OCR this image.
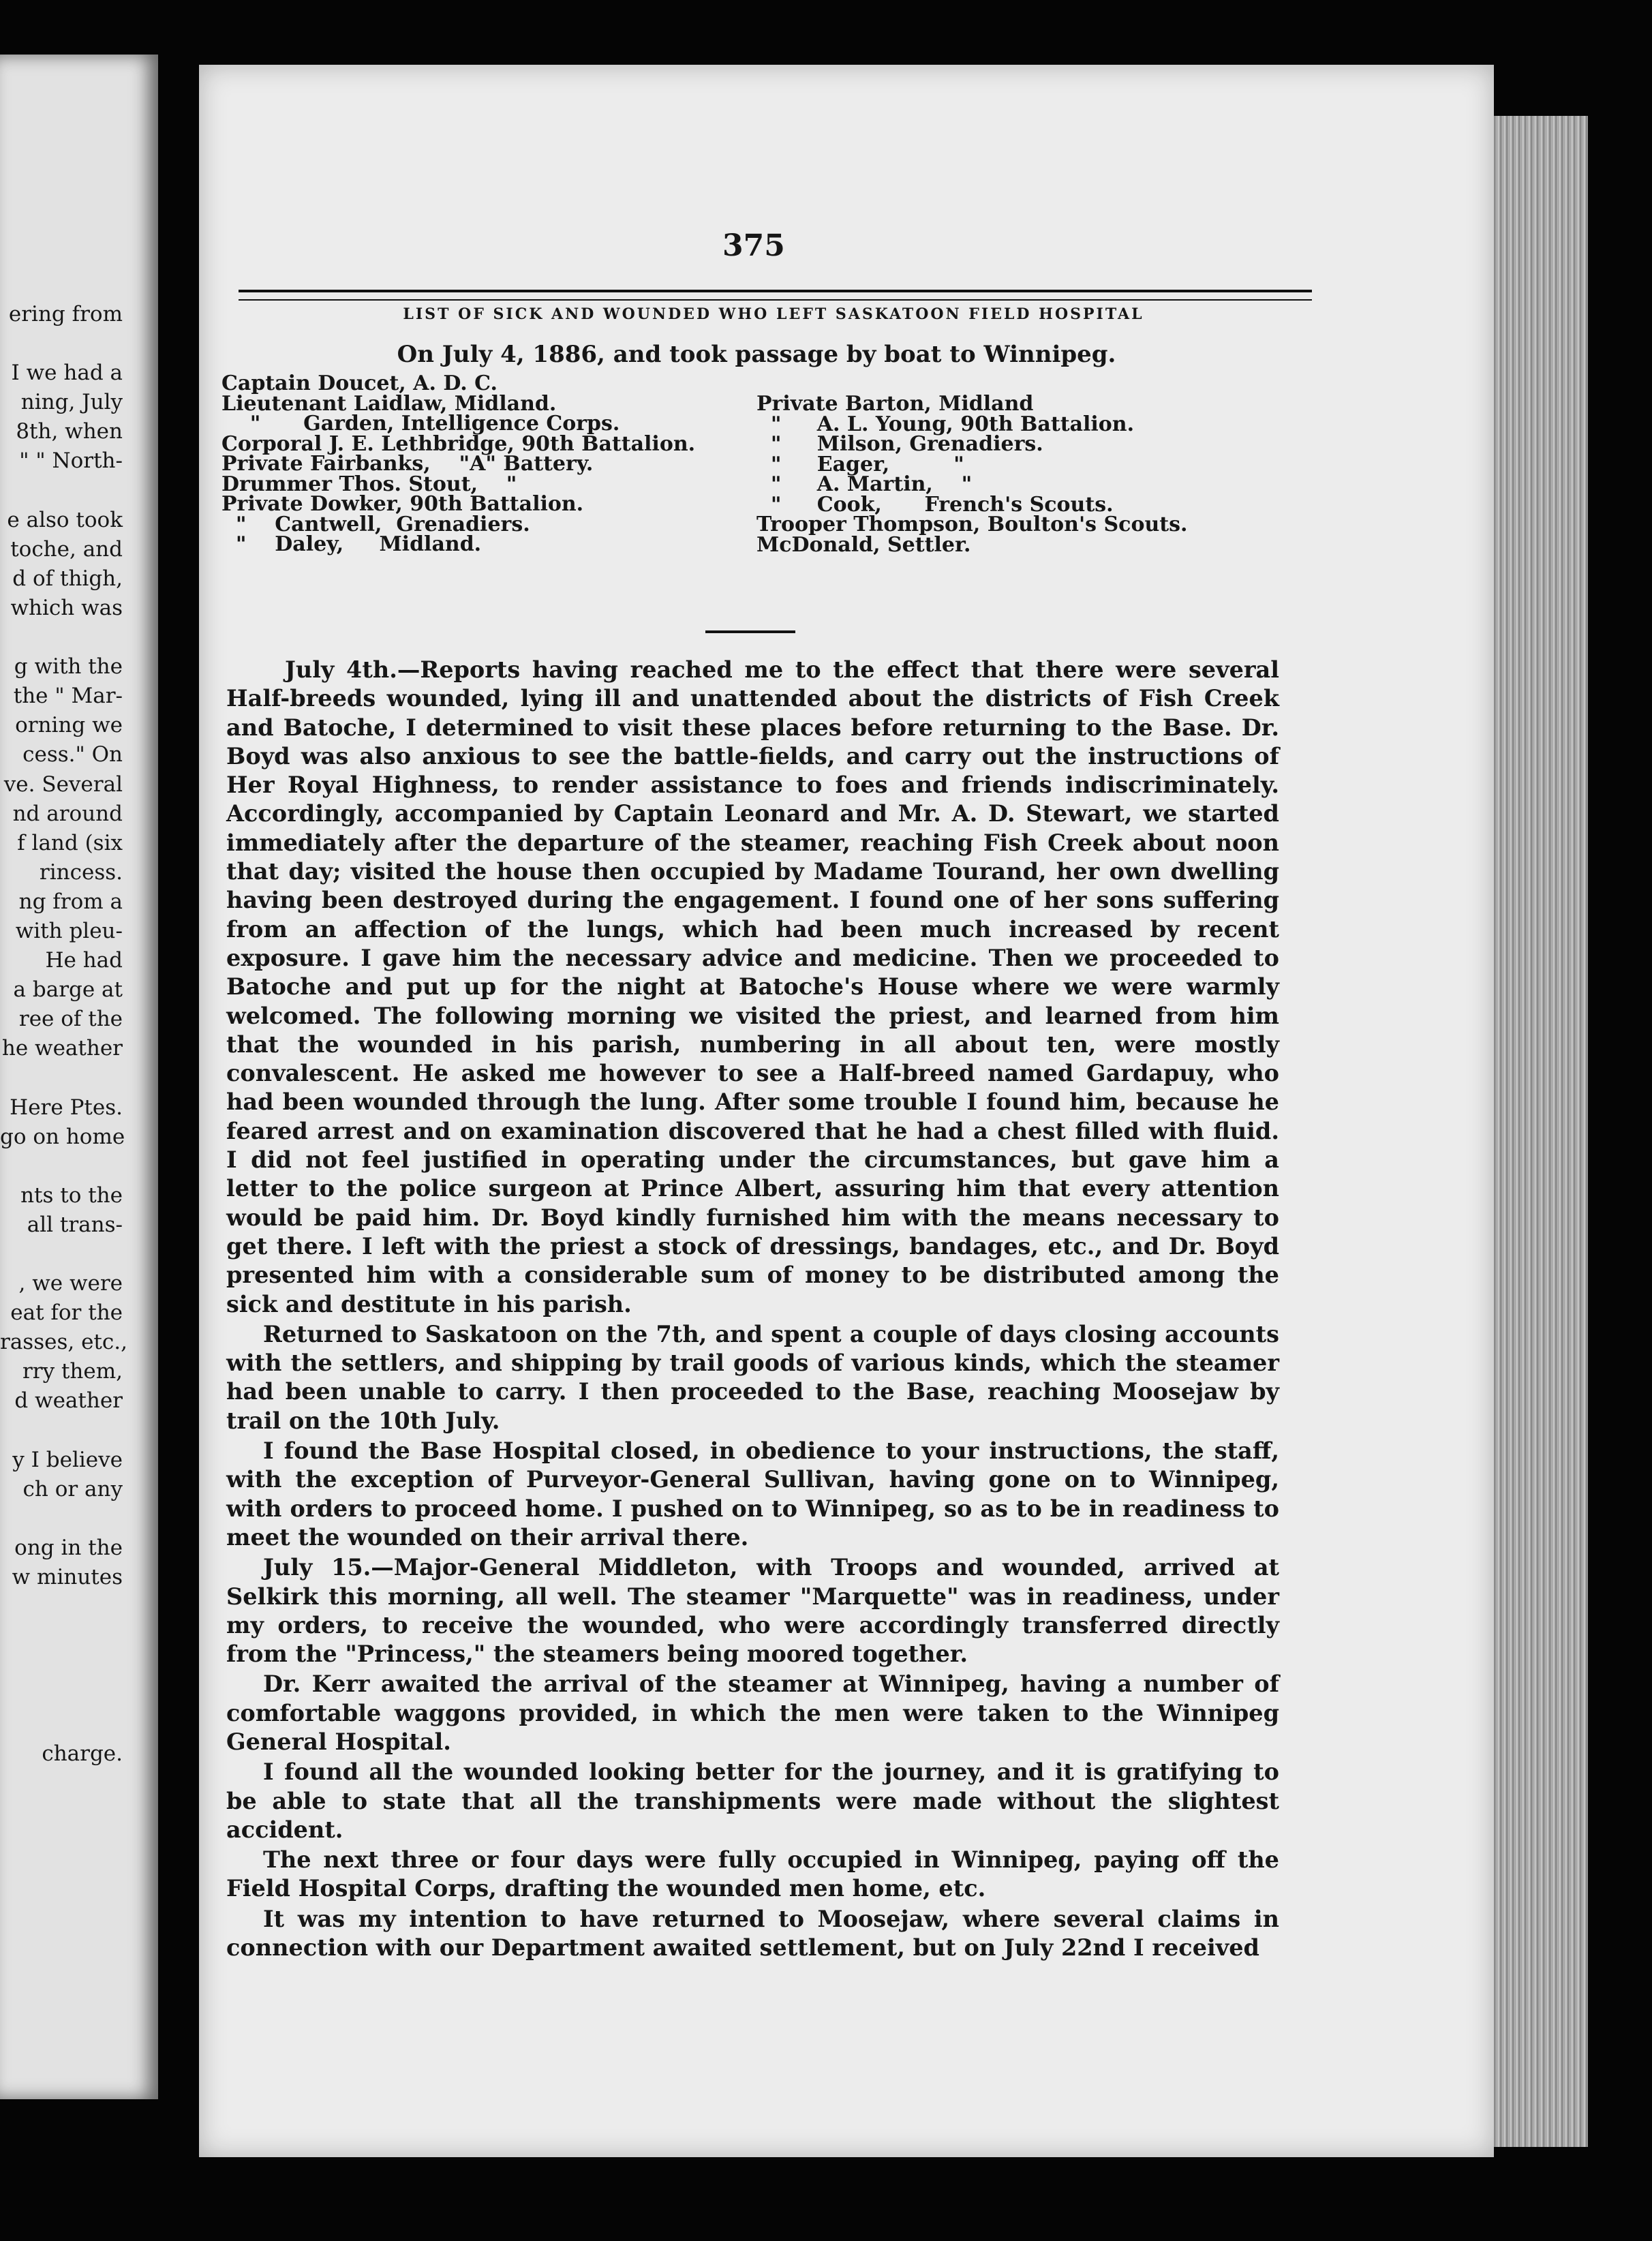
ering from
I we had a
ning, July
8th, when
" " North-
e also took
toche, and
d of thigh,
which was
g with the
the " Mar-
orning we
cess." On
ve. Several
nd around
f land (six
rincess.
ng from a
with pleu-
He had
a barge at
ree of the
he weather
Here Ptes.
go on home
nts to the
all trans-
, we were
eat for the
rasses, etc.,
rry them,
d weather
y I believe
ch or any
ong in the
w minutes
charge.
375
LIST OF SICK AND WOUNDED WHO LEFT SASKATOON FIELD HOSPITAL
On July 4, 1886, and took passage by boat to Winnipeg.
Captain Doucet, A. D. C.
Lieutenant Laidlaw, Midland.
"      Garden, Intelligence Corps.
Corporal J. E. Lethbridge, 90th Battalion.
Private Fairbanks,    "A" Battery.
Drummer Thos. Stout,    "
Private Dowker, 90th Battalion.
"    Cantwell,  Grenadiers.
"    Daley,     Midland.
Private Barton, Midland
"     A. L. Young, 90th Battalion.
"     Milson, Grenadiers.
"     Eager,         "
"     A. Martin,    "
"     Cook,      French's Scouts.
Trooper Thompson, Boulton's Scouts.
McDonald, Settler.

July 4th.—Reports having reached me to the effect that there were several Half-breeds wounded, lying ill and unattended about the districts of Fish Creek and Batoche, I determined to visit these places before returning to the Base. Dr. Boyd was also anxious to see the battle-fields, and carry out the instructions of Her Royal Highness, to render assistance to foes and friends indiscriminately. Accordingly, accompanied by Captain Leonard and Mr. A. D. Stewart, we started immediately after the departure of the steamer, reaching Fish Creek about noon that day; visited the house then occupied by Madame Tourand, her own dwelling having been destroyed during the engagement. I found one of her sons suffering from an affection of the lungs, which had been much increased by recent exposure. I gave him the necessary advice and medicine. Then we proceeded to Batoche and put up for the night at Batoche's House where we were warmly welcomed. The following morning we visited the priest, and learned from him that the wounded in his parish, numbering in all about ten, were mostly convalescent. He asked me however to see a Half-breed named Gardapuy, who had been wounded through the lung. After some trouble I found him, because he feared arrest and on examination discovered that he had a chest filled with fluid. I did not feel justified in operating under the circumstances, but gave him a letter to the police surgeon at Prince Albert, assuring him that every attention would be paid him. Dr. Boyd kindly furnished him with the means necessary to get there. I left with the priest a stock of dressings, bandages, etc., and Dr. Boyd presented him with a considerable sum of money to be distributed among the sick and destitute in his parish.

Returned to Saskatoon on the 7th, and spent a couple of days closing accounts with the settlers, and shipping by trail goods of various kinds, which the steamer had been unable to carry. I then proceeded to the Base, reaching Moosejaw by trail on the 10th July.

I found the Base Hospital closed, in obedience to your instructions, the staff, with the exception of Purveyor-General Sullivan, having gone on to Winnipeg, with orders to proceed home. I pushed on to Winnipeg, so as to be in readiness to meet the wounded on their arrival there.

July 15.—Major-General Middleton, with Troops and wounded, arrived at Selkirk this morning, all well. The steamer "Marquette" was in readiness, under my orders, to receive the wounded, who were accordingly transferred directly from the "Princess," the steamers being moored together.

Dr. Kerr awaited the arrival of the steamer at Winnipeg, having a number of comfortable waggons provided, in which the men were taken to the Winnipeg General Hospital.

I found all the wounded looking better for the journey, and it is gratifying to be able to state that all the transhipments were made without the slightest accident.

The next three or four days were fully occupied in Winnipeg, paying off the Field Hospital Corps, drafting the wounded men home, etc.

It was my intention to have returned to Moosejaw, where several claims in connection with our Department awaited settlement, but on July 22nd I received
